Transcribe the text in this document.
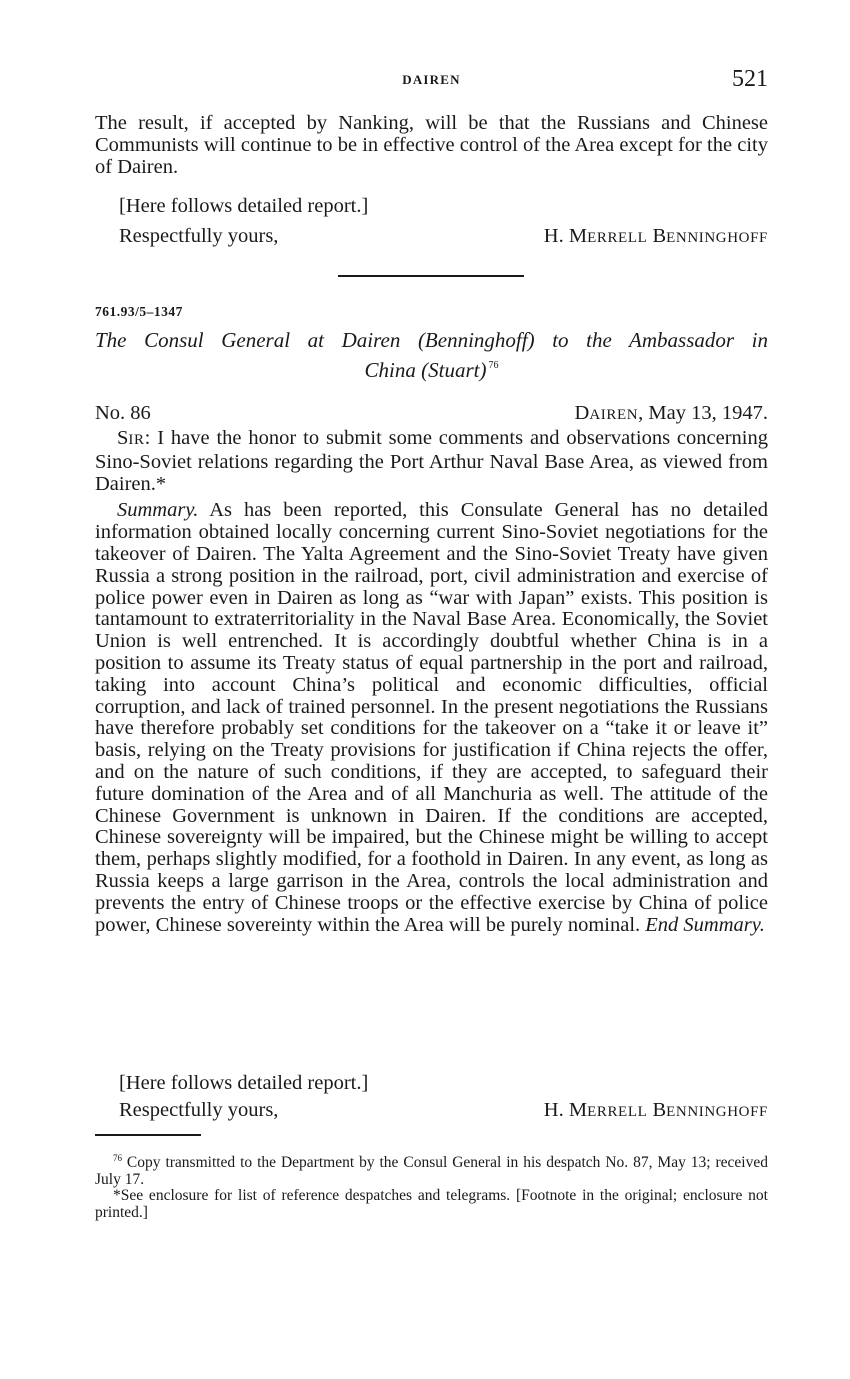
DAIREN	521

The result, if accepted by Nanking, will be that the Russians and Chinese Communists will continue to be in effective control of the Area except for the city of Dairen.

[Here follows detailed report.]
Respectfully yours,	H. MERRELL BENNINGHOFF
761.93/5–1347
The Consul General at Dairen (Benninghoff) to the Ambassador in
China (Stuart) $^{76}$
No. 86	DAIREN, May 13, 1947.

SIR: I have the honor to submit some comments and observations concerning Sino-Soviet relations regarding the Port Arthur Naval Base Area, as viewed from Dairen.*

Summary. As has been reported, this Consulate General has no detailed information obtained locally concerning current Sino-Soviet negotiations for the takeover of Dairen. The Yalta Agreement and the Sino-Soviet Treaty have given Russia a strong position in the railroad, port, civil administration and exercise of police power even in Dairen as long as “war with Japan” exists. This position is tantamount to extraterritoriality in the Naval Base Area. Economically, the Soviet Union is well entrenched. It is accordingly doubtful whether China is in a position to assume its Treaty status of equal partnership in the port and railroad, taking into account China’s political and economic difficulties, official corruption, and lack of trained personnel. In the present negotiations the Russians have therefore probably set conditions for the takeover on a “take it or leave it” basis, relying on the Treaty provisions for justification if China rejects the offer, and on the nature of such conditions, if they are accepted, to safeguard their future domination of the Area and of all Manchuria as well. The attitude of the Chinese Government is unknown in Dairen. If the conditions are accepted, Chinese sovereignty will be impaired, but the Chinese might be willing to accept them, perhaps slightly modified, for a foothold in Dairen. In any event, as long as Russia keeps a large garrison in the Area, controls the local administration and prevents the entry of Chinese troops or the effective exercise by China of police power, Chinese sovereinty within the Area will be purely nominal. End Summary.

[Here follows detailed report.]
Respectfully yours,	H. MERRELL BENNINGHOFF

$^{76}$ Copy transmitted to the Department by the Consul General in his despatch No. 87, May 13; received July 17.

*See enclosure for list of reference despatches and telegrams. [Footnote in the original; enclosure not printed.]
